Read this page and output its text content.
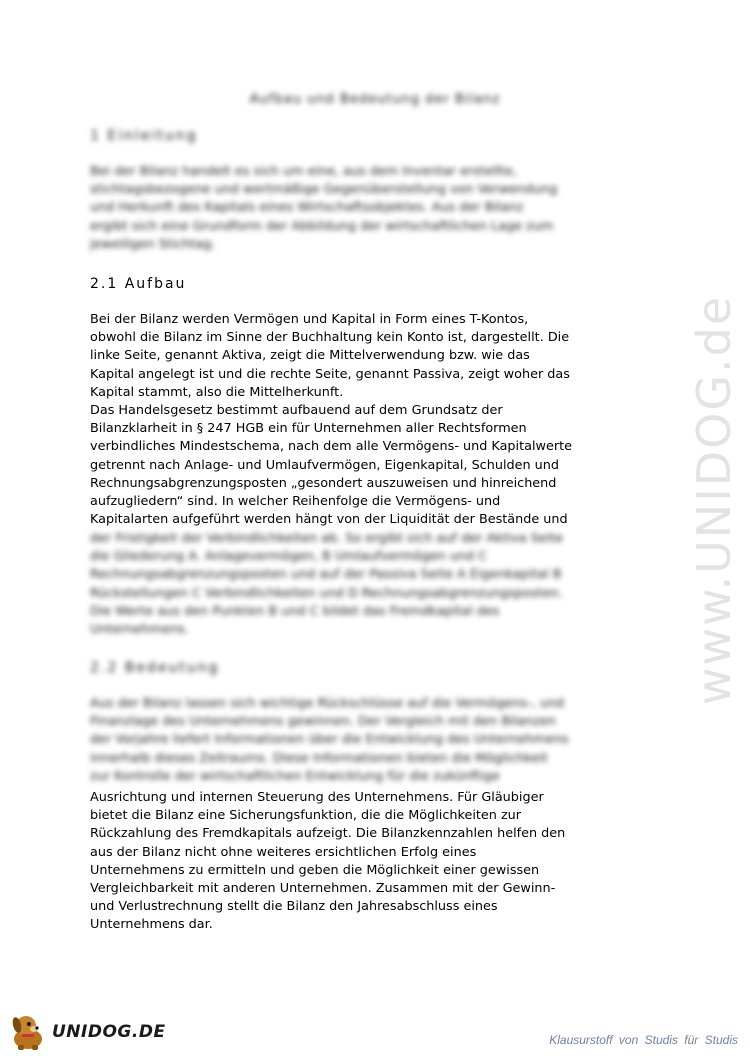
www.UNIDOG.de
Aufbau und Bedeutung der Bilanz
1 Einleitung
Bei der Bilanz handelt es sich um eine, aus dem Inventar erstellte,
stichtagsbezogene und wertmäßige Gegenüberstellung von Verwendung
und Herkunft des Kapitals eines Wirtschaftsobjektes. Aus der Bilanz
ergibt sich eine Grundform der Abbildung der wirtschaftlichen Lage zum
jeweiligen Stichtag.
2.1 Aufbau
Bei der Bilanz werden Vermögen und Kapital in Form eines T-Kontos,
obwohl die Bilanz im Sinne der Buchhaltung kein Konto ist, dargestellt. Die
linke Seite, genannt Aktiva, zeigt die Mittelverwendung bzw. wie das
Kapital angelegt ist und die rechte Seite, genannt Passiva, zeigt woher das
Kapital stammt, also die Mittelherkunft.
Das Handelsgesetz bestimmt aufbauend auf dem Grundsatz der
Bilanzklarheit in § 247 HGB ein für Unternehmen aller Rechtsformen
verbindliches Mindestschema, nach dem alle Vermögens- und Kapitalwerte
getrennt nach Anlage- und Umlaufvermögen, Eigenkapital, Schulden und
Rechnungsabgrenzungsposten „gesondert auszuweisen und hinreichend
aufzugliedern“ sind. In welcher Reihenfolge die Vermögens- und
Kapitalarten aufgeführt werden hängt von der Liquidität der Bestände und
der Fristigkeit der Verbindlichkeiten ab. So ergibt sich auf der Aktiva Seite
die Gliederung A. Anlagevermögen, B Umlaufvermögen und C
Rechnungsabgrenzungsposten und auf der Passiva Seite A Eigenkapital B
Rückstellungen C Verbindlichkeiten und D Rechnungsabgrenzungsposten.
Die Werte aus den Punkten B und C bildet das Fremdkapital des
Unternehmens.
2.2 Bedeutung
Aus der Bilanz lassen sich wichtige Rückschlüsse auf die Vermögens-, und
Finanzlage des Unternehmens gewinnen. Der Vergleich mit den Bilanzen
der Vorjahre liefert Informationen über die Entwicklung des Unternehmens
innerhalb dieses Zeitraums. Diese Informationen bieten die Möglichkeit
zur Kontrolle der wirtschaftlichen Entwicklung für die zukünftige
Ausrichtung und internen Steuerung des Unternehmens. Für Gläubiger
bietet die Bilanz eine Sicherungsfunktion, die die Möglichkeiten zur
Rückzahlung des Fremdkapitals aufzeigt. Die Bilanzkennzahlen helfen den
aus der Bilanz nicht ohne weiteres ersichtlichen Erfolg eines
Unternehmens zu ermitteln und geben die Möglichkeit einer gewissen
Vergleichbarkeit mit anderen Unternehmen. Zusammen mit der Gewinn-
und Verlustrechnung stellt die Bilanz den Jahresabschluss eines
Unternehmens dar.
UNIDOG.DE	Klausurstoff von Studis für Studis
